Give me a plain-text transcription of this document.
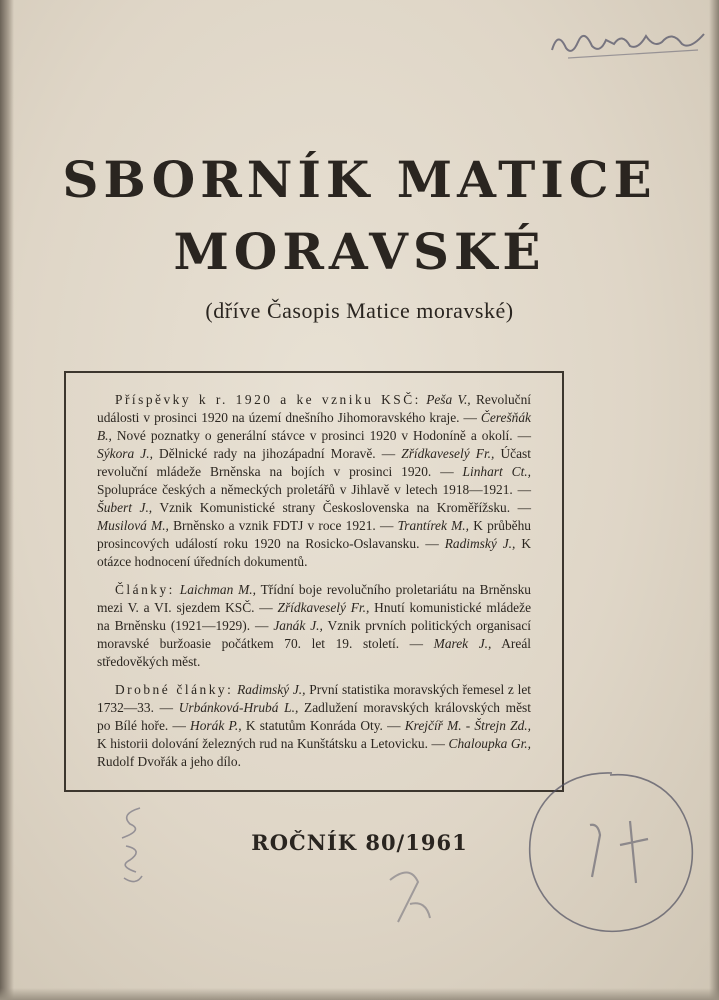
SBORNÍK MATICE
MORAVSKÉ
(dříve Časopis Matice moravské)

Příspěvky k r. 1920 a ke vzniku KSČ: Peša V., Revoluční události v prosinci 1920 na území dnešního Jihomoravského kraje. — Čerešňák B., Nové poznatky o generální stávce v prosinci 1920 v Hodoníně a okolí. — Sýkora J., Dělnické rady na jihozápadní Moravě. — Zřídkaveselý Fr., Účast revoluční mládeže Brněnska na bojích v prosinci 1920. — Linhart Ct., Spolupráce českých a německých proletářů v Jihlavě v letech 1918—1921. — Šubert J., Vznik Komunistické strany Československa na Kroměřížsku. — Musilová M., Brněnsko a vznik FDTJ v roce 1921. — Trantírek M., K průběhu prosincových událostí roku 1920 na Rosicko-Oslavansku. — Radimský J., K otázce hodnocení úředních dokumentů.

Články: Laichman M., Třídní boje revolučního proletariátu na Brněnsku mezi V. a VI. sjezdem KSČ. — Zřídkaveselý Fr., Hnutí komunistické mládeže na Brněnsku (1921—1929). — Janák J., Vznik prvních politických organisací moravské buržoasie počátkem 70. let 19. století. — Marek J., Areál středověkých měst.

Drobné články: Radimský J., První statistika moravských řemesel z let 1732—33. — Urbánková-Hrubá L., Zadlužení moravských královských měst po Bílé hoře. — Horák P., K statutům Konráda Oty. — Krejčíř M. - Štrejn Zd., K historii dolování železných rud na Kunštátsku a Letovicku. — Chaloupka Gr., Rudolf Dvořák a jeho dílo.

ROČNÍK 80/1961
